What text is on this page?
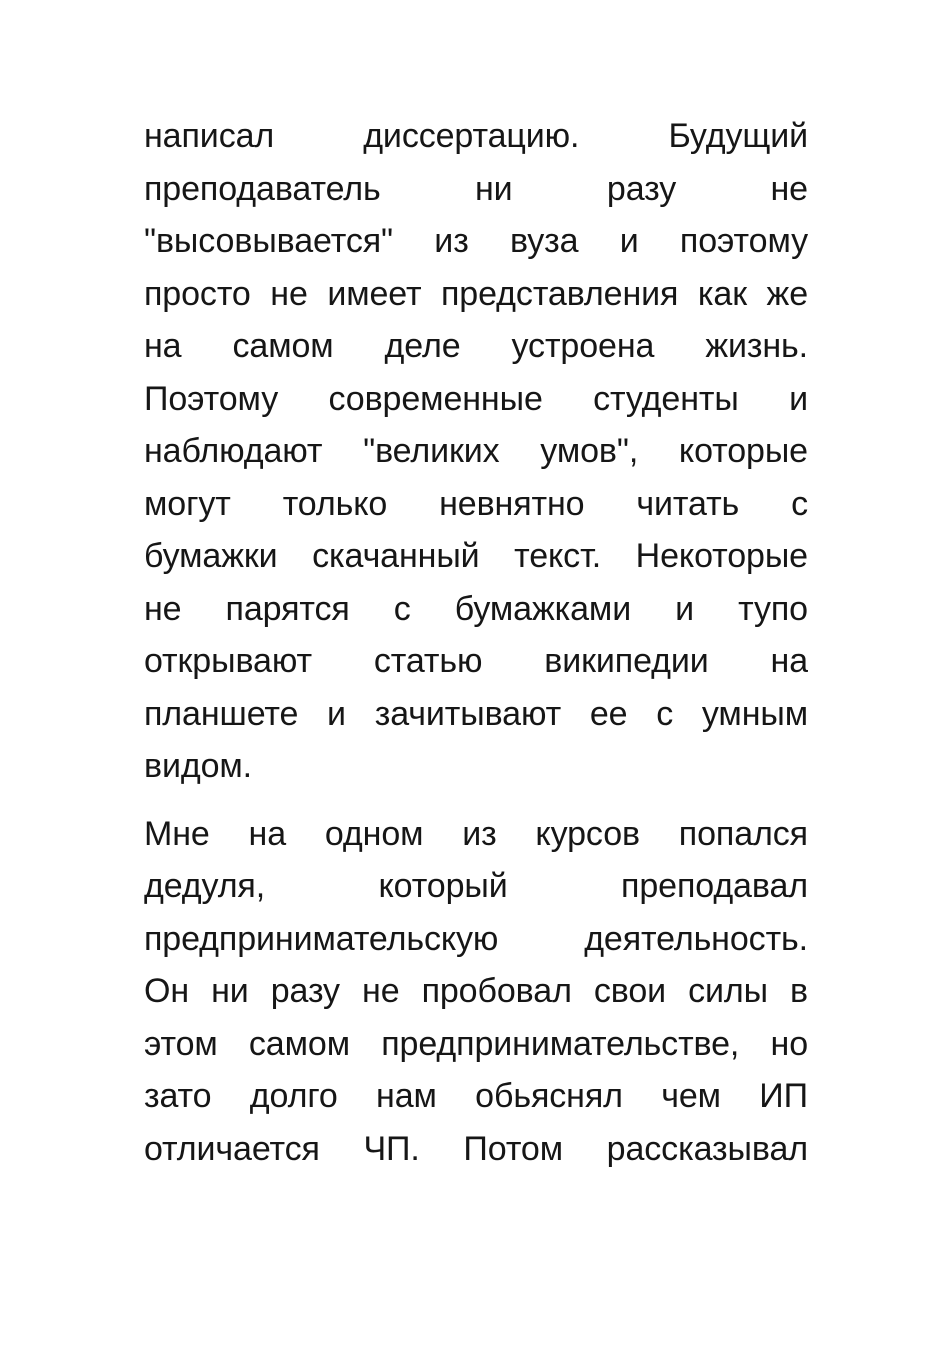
написал диссертацию. Будущий
преподаватель ни разу не
"высовывается" из вуза и поэтому
просто не имеет представления как же
на самом деле устроена жизнь.
Поэтому современные студенты и
наблюдают "великих умов", которые
могут только невнятно читать с
бумажки скачанный текст. Некоторые
не парятся с бумажками и тупо
открывают статью википедии на
планшете и зачитывают ее с умным
видом.
Мне на одном из курсов попался
дедуля, который преподавал
предпринимательскую деятельность.
Он ни разу не пробовал свои силы в
этом самом предпринимательстве, но
зато долго нам обьяснял чем ИП
отличается ЧП. Потом рассказывал
